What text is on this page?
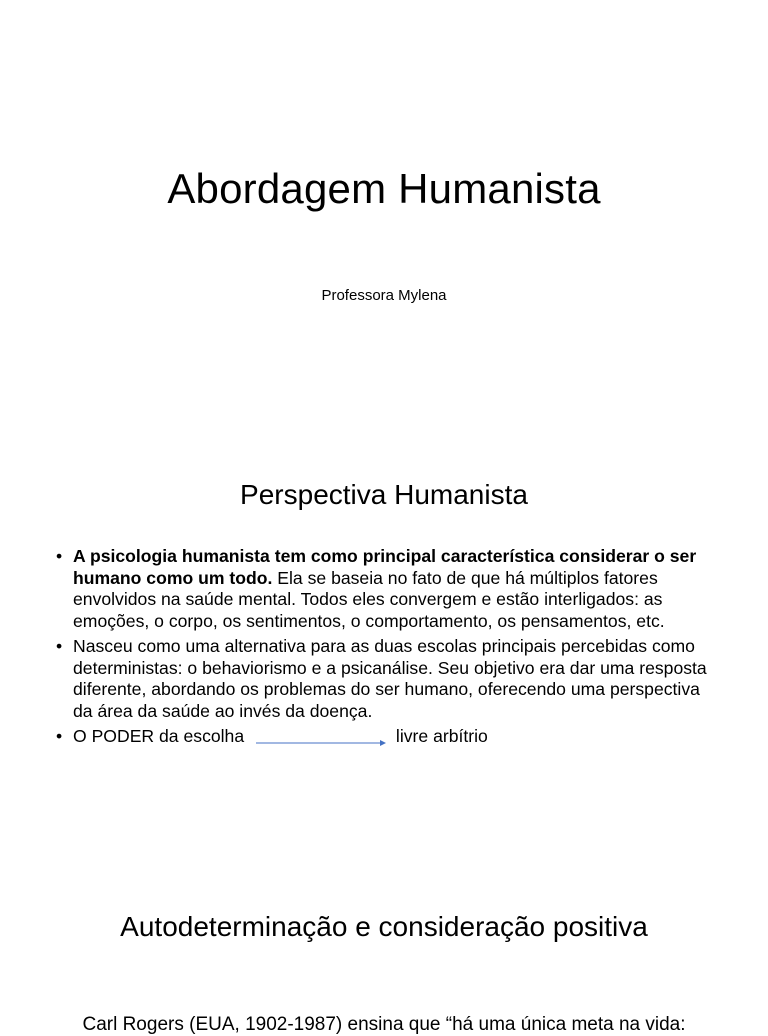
Abordagem Humanista
Professora Mylena
Perspectiva Humanista
• A psicologia humanista tem como principal característica considerar o ser humano como um todo. Ela se baseia no fato de que há múltiplos fatores envolvidos na saúde mental. Todos eles convergem e estão interligados: as emoções, o corpo, os sentimentos, o comportamento, os pensamentos, etc.
• Nasceu como uma alternativa para as duas escolas principais percebidas como deterministas: o behaviorismo e a psicanálise. Seu objetivo era dar uma resposta diferente, abordando os problemas do ser humano, oferecendo uma perspectiva da área da saúde ao invés da doença.
• O PODER da escolha	livre arbítrio
Autodeterminação e consideração positiva
Carl Rogers (EUA, 1902-1987) ensina que “há uma única meta na vida:
